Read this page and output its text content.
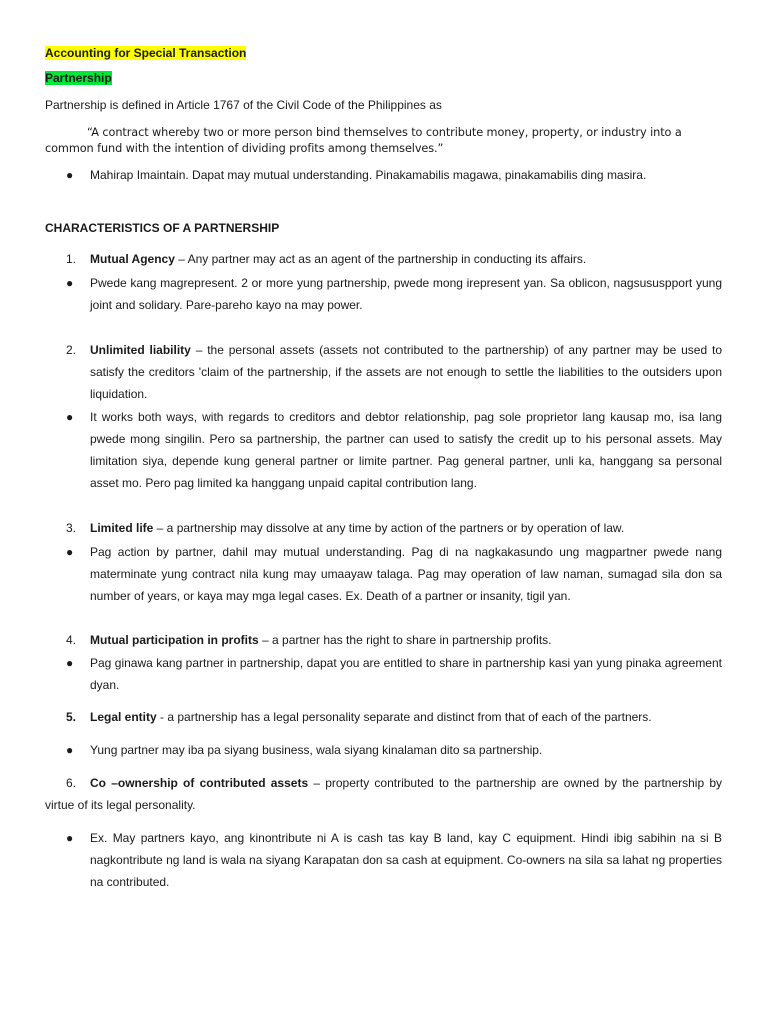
Accounting for Special Transaction
Partnership
Partnership is defined in Article 1767 of the Civil Code of the Philippines as
“A contract whereby two or more person bind themselves to contribute money, property, or industry into a
common fund with the intention of dividing profits among themselves.”
●	Mahirap Imaintain. Dapat may mutual understanding. Pinakamabilis magawa, pinakamabilis ding masira.
CHARACTERISTICS OF A PARTNERSHIP
1.	Mutual Agency – Any partner may act as an agent of the partnership in conducting its affairs.
●	Pwede kang magrepresent. 2 or more yung partnership, pwede mong irepresent yan. Sa oblicon, nagsususpport yung joint and solidary. Pare-pareho kayo na may power.
2.	Unlimited liability – the personal assets (assets not contributed to the partnership) of any partner may be used to satisfy the creditors 'claim of the partnership, if the assets are not enough to settle the liabilities to the outsiders upon liquidation.
●	It works both ways, with regards to creditors and debtor relationship, pag sole proprietor lang kausap mo, isa lang pwede mong singilin. Pero sa partnership, the partner can used to satisfy the credit up to his personal assets. May limitation siya, depende kung general partner or limite partner. Pag general partner, unli ka, hanggang sa personal asset mo. Pero pag limited ka hanggang unpaid capital contribution lang.
3.	Limited life – a partnership may dissolve at any time by action of the partners or by operation of law.
●	Pag action by partner, dahil may mutual understanding. Pag di na nagkakasundo ung magpartner pwede nang materminate yung contract nila kung may umaayaw talaga. Pag may operation of law naman, sumagad sila don sa number of years, or kaya may mga legal cases. Ex. Death of a partner or insanity, tigil yan.
4.	Mutual participation in profits – a partner has the right to share in partnership profits.
●	Pag ginawa kang partner in partnership, dapat you are entitled to share in partnership kasi yan yung pinaka agreement dyan.
5.	Legal entity - a partnership has a legal personality separate and distinct from that of each of the partners.
●	Yung partner may iba pa siyang business, wala siyang kinalaman dito sa partnership.
6.	Co –ownership of contributed assets – property contributed to the partnership are owned by the partnership by virtue of its legal personality.
●	Ex. May partners kayo, ang kinontribute ni A is cash tas kay B land, kay C equipment. Hindi ibig sabihin na si B nagkontribute ng land is wala na siyang Karapatan don sa cash at equipment. Co-owners na sila sa lahat ng properties na contributed.
